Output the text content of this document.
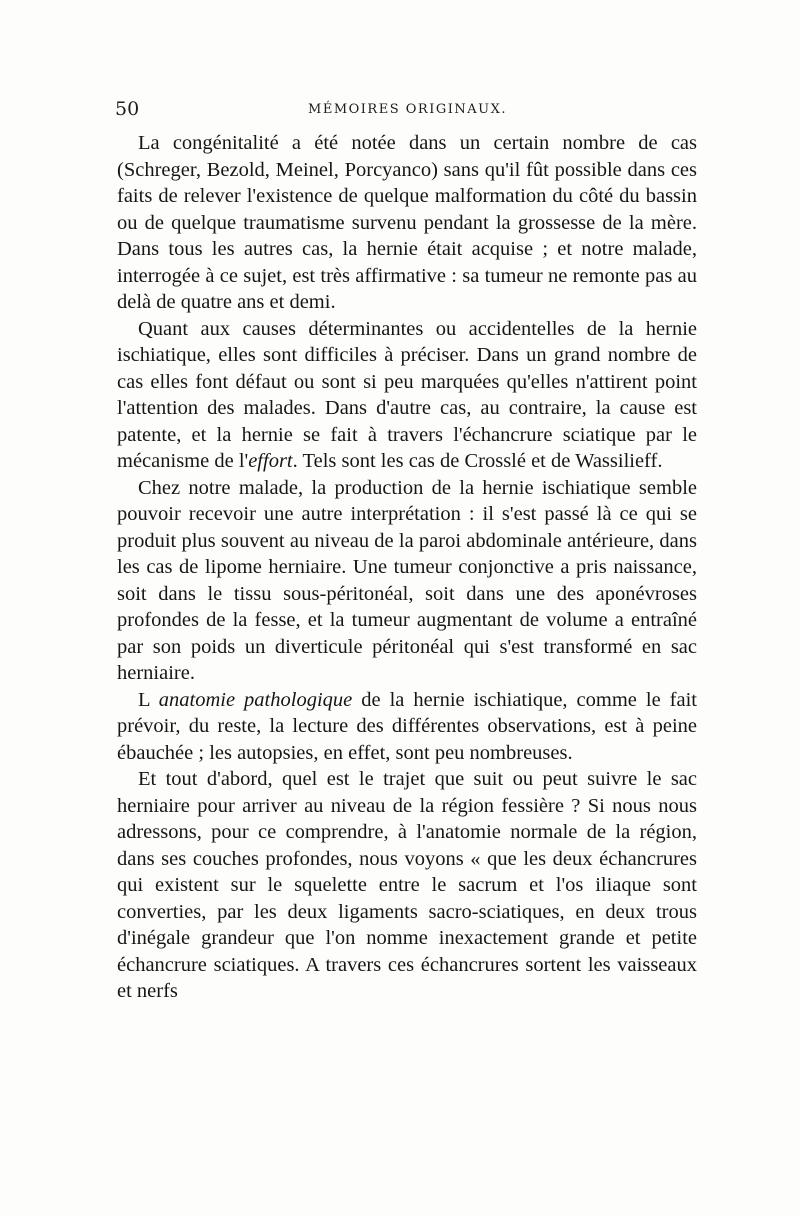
50	MÉMOIRES ORIGINAUX.

La congénitalité a été notée dans un certain nombre de cas (Schreger, Bezold, Meinel, Porcyanco) sans qu'il fût possible dans ces faits de relever l'existence de quelque malformation du côté du bassin ou de quelque traumatisme survenu pendant la grossesse de la mère. Dans tous les autres cas, la hernie était acquise ; et notre malade, interrogée à ce sujet, est très affirmative : sa tumeur ne remonte pas au delà de quatre ans et demi.

Quant aux causes déterminantes ou accidentelles de la hernie ischiatique, elles sont difficiles à préciser. Dans un grand nombre de cas elles font défaut ou sont si peu marquées qu'elles n'attirent point l'attention des malades. Dans d'autre cas, au contraire, la cause est patente, et la hernie se fait à travers l'échancrure sciatique par le mécanisme de l'effort. Tels sont les cas de Crosslé et de Wassilieff.

Chez notre malade, la production de la hernie ischiatique semble pouvoir recevoir une autre interprétation : il s'est passé là ce qui se produit plus souvent au niveau de la paroi abdominale antérieure, dans les cas de lipome herniaire. Une tumeur conjonctive a pris naissance, soit dans le tissu sous-péritonéal, soit dans une des aponévroses profondes de la fesse, et la tumeur augmentant de volume a entraîné par son poids un diverticule péritonéal qui s'est transformé en sac herniaire.

L anatomie pathologique de la hernie ischiatique, comme le fait prévoir, du reste, la lecture des différentes observations, est à peine ébauchée ; les autopsies, en effet, sont peu nombreuses.

Et tout d'abord, quel est le trajet que suit ou peut suivre le sac herniaire pour arriver au niveau de la région fessière ? Si nous nous adressons, pour ce comprendre, à l'anatomie normale de la région, dans ses couches profondes, nous voyons « que les deux échancrures qui existent sur le squelette entre le sacrum et l'os iliaque sont converties, par les deux ligaments sacro-sciatiques, en deux trous d'inégale grandeur que l'on nomme inexactement grande et petite échancrure sciatiques. A travers ces échancrures sortent les vaisseaux et nerfs
